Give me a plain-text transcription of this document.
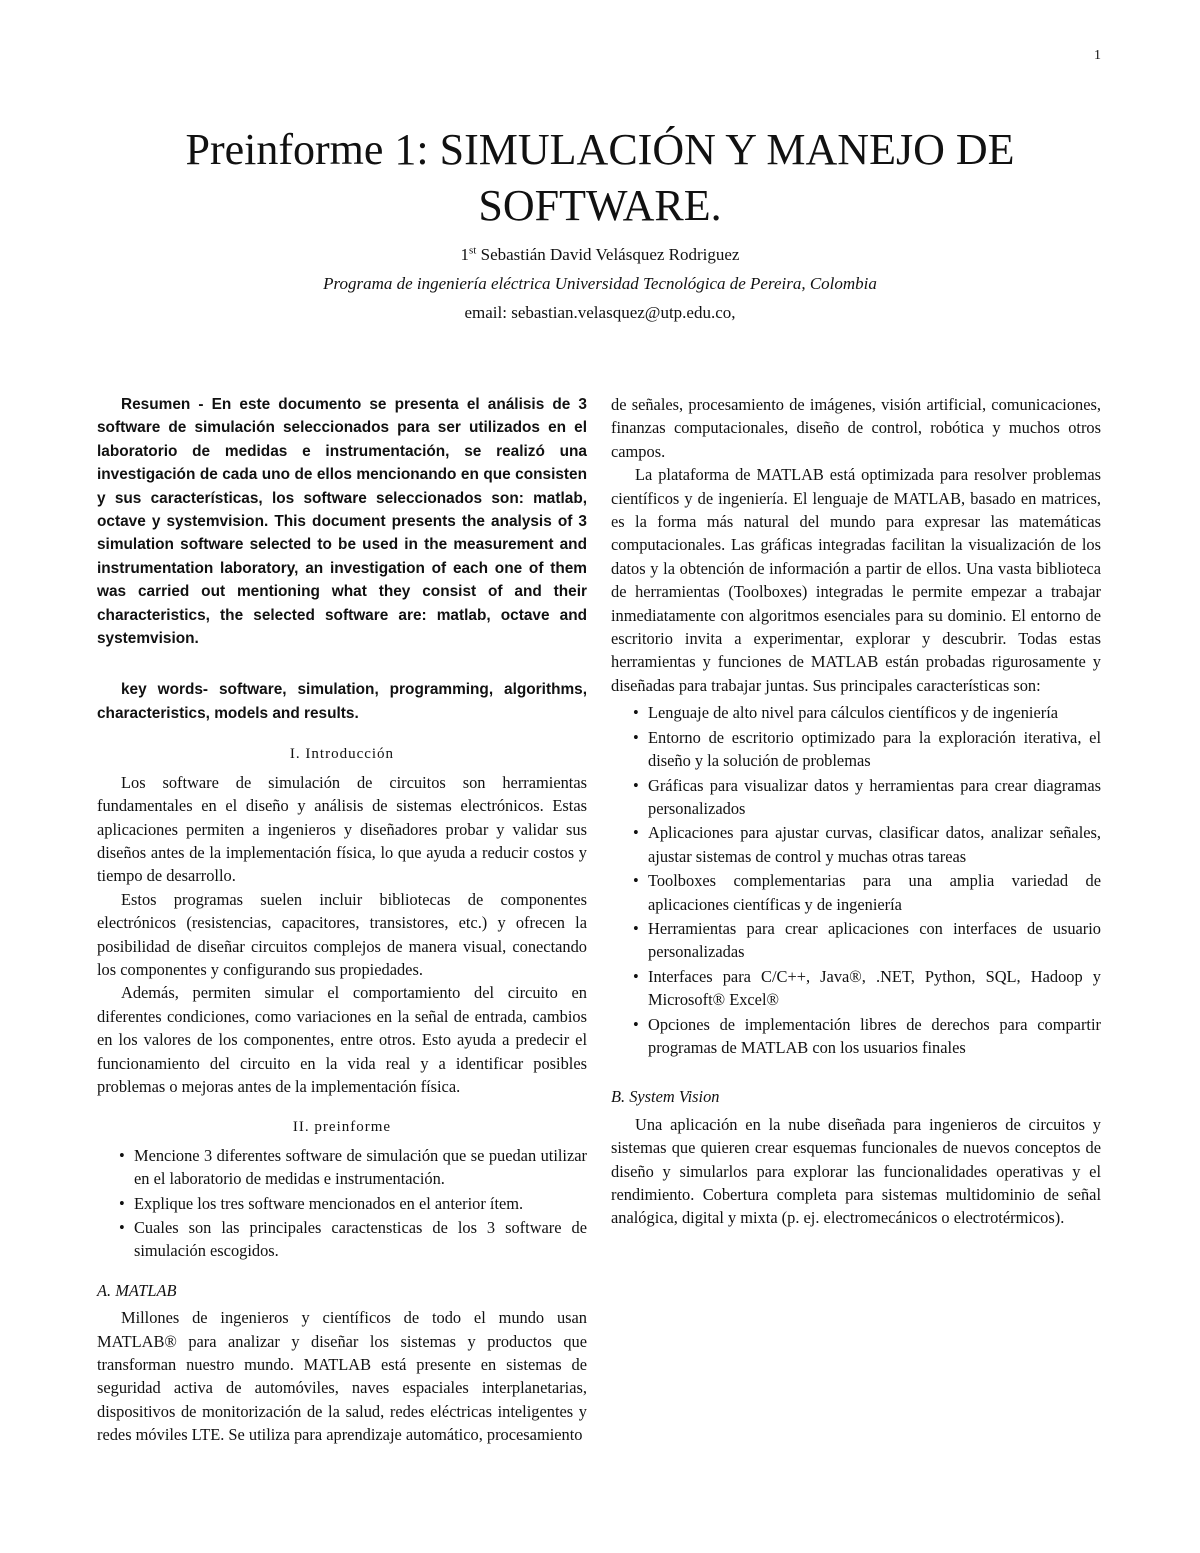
1
Preinforme 1: SIMULACIÓN Y MANEJO DE SOFTWARE.
1st Sebastián David Velásquez Rodriguez
Programa de ingeniería eléctrica Universidad Tecnológica de Pereira, Colombia
email: sebastian.velasquez@utp.edu.co,

Resumen - En este documento se presenta el análisis de 3 software de simulación seleccionados para ser utilizados en el laboratorio de medidas e instrumentación, se realizó una investigación de cada uno de ellos mencionando en que consisten y sus características, los software seleccionados son: matlab, octave y systemvision. This document presents the analysis of 3 simulation software selected to be used in the measurement and instrumentation laboratory, an investigation of each one of them was carried out mentioning what they consist of and their characteristics, the selected software are: matlab, octave and systemvision.

key words- software, simulation, programming, algorithms, characteristics, models and results.

I. Introducción

Los software de simulación de circuitos son herramientas fundamentales en el diseño y análisis de sistemas electrónicos. Estas aplicaciones permiten a ingenieros y diseñadores probar y validar sus diseños antes de la implementación física, lo que ayuda a reducir costos y tiempo de desarrollo.

Estos programas suelen incluir bibliotecas de componentes electrónicos (resistencias, capacitores, transistores, etc.) y ofrecen la posibilidad de diseñar circuitos complejos de manera visual, conectando los componentes y configurando sus propiedades.

Además, permiten simular el comportamiento del circuito en diferentes condiciones, como variaciones en la señal de entrada, cambios en los valores de los componentes, entre otros. Esto ayuda a predecir el funcionamiento del circuito en la vida real y a identificar posibles problemas o mejoras antes de la implementación física.

II. preinforme
• Mencione 3 diferentes software de simulación que se puedan utilizar en el laboratorio de medidas e instrumentación.
• Explique los tres software mencionados en el anterior ítem.
• Cuales son las principales caractensticas de los 3 software de simulación escogidos.
A. MATLAB

Millones de ingenieros y científicos de todo el mundo usan MATLAB® para analizar y diseñar los sistemas y productos que transforman nuestro mundo. MATLAB está presente en sistemas de seguridad activa de automóviles, naves espaciales interplanetarias, dispositivos de monitorización de la salud, redes eléctricas inteligentes y redes móviles LTE. Se utiliza para aprendizaje automático, procesamiento

de señales, procesamiento de imágenes, visión artificial, comunicaciones, finanzas computacionales, diseño de control, robótica y muchos otros campos.

La plataforma de MATLAB está optimizada para resolver problemas científicos y de ingeniería. El lenguaje de MATLAB, basado en matrices, es la forma más natural del mundo para expresar las matemáticas computacionales. Las gráficas integradas facilitan la visualización de los datos y la obtención de información a partir de ellos. Una vasta biblioteca de herramientas (Toolboxes) integradas le permite empezar a trabajar inmediatamente con algoritmos esenciales para su dominio. El entorno de escritorio invita a experimentar, explorar y descubrir. Todas estas herramientas y funciones de MATLAB están probadas rigurosamente y diseñadas para trabajar juntas. Sus principales características son:

• Lenguaje de alto nivel para cálculos científicos y de ingeniería
• Entorno de escritorio optimizado para la exploración iterativa, el diseño y la solución de problemas
• Gráficas para visualizar datos y herramientas para crear diagramas personalizados
• Aplicaciones para ajustar curvas, clasificar datos, analizar señales, ajustar sistemas de control y muchas otras tareas
• Toolboxes complementarias para una amplia variedad de aplicaciones científicas y de ingeniería
• Herramientas para crear aplicaciones con interfaces de usuario personalizadas
• Interfaces para C/C++, Java®, .NET, Python, SQL, Hadoop y Microsoft® Excel®
• Opciones de implementación libres de derechos para compartir programas de MATLAB con los usuarios finales
B. System Vision

Una aplicación en la nube diseñada para ingenieros de circuitos y sistemas que quieren crear esquemas funcionales de nuevos conceptos de diseño y simularlos para explorar las funcionalidades operativas y el rendimiento. Cobertura completa para sistemas multidominio de señal analógica, digital y mixta (p. ej. electromecánicos o electrotérmicos).
